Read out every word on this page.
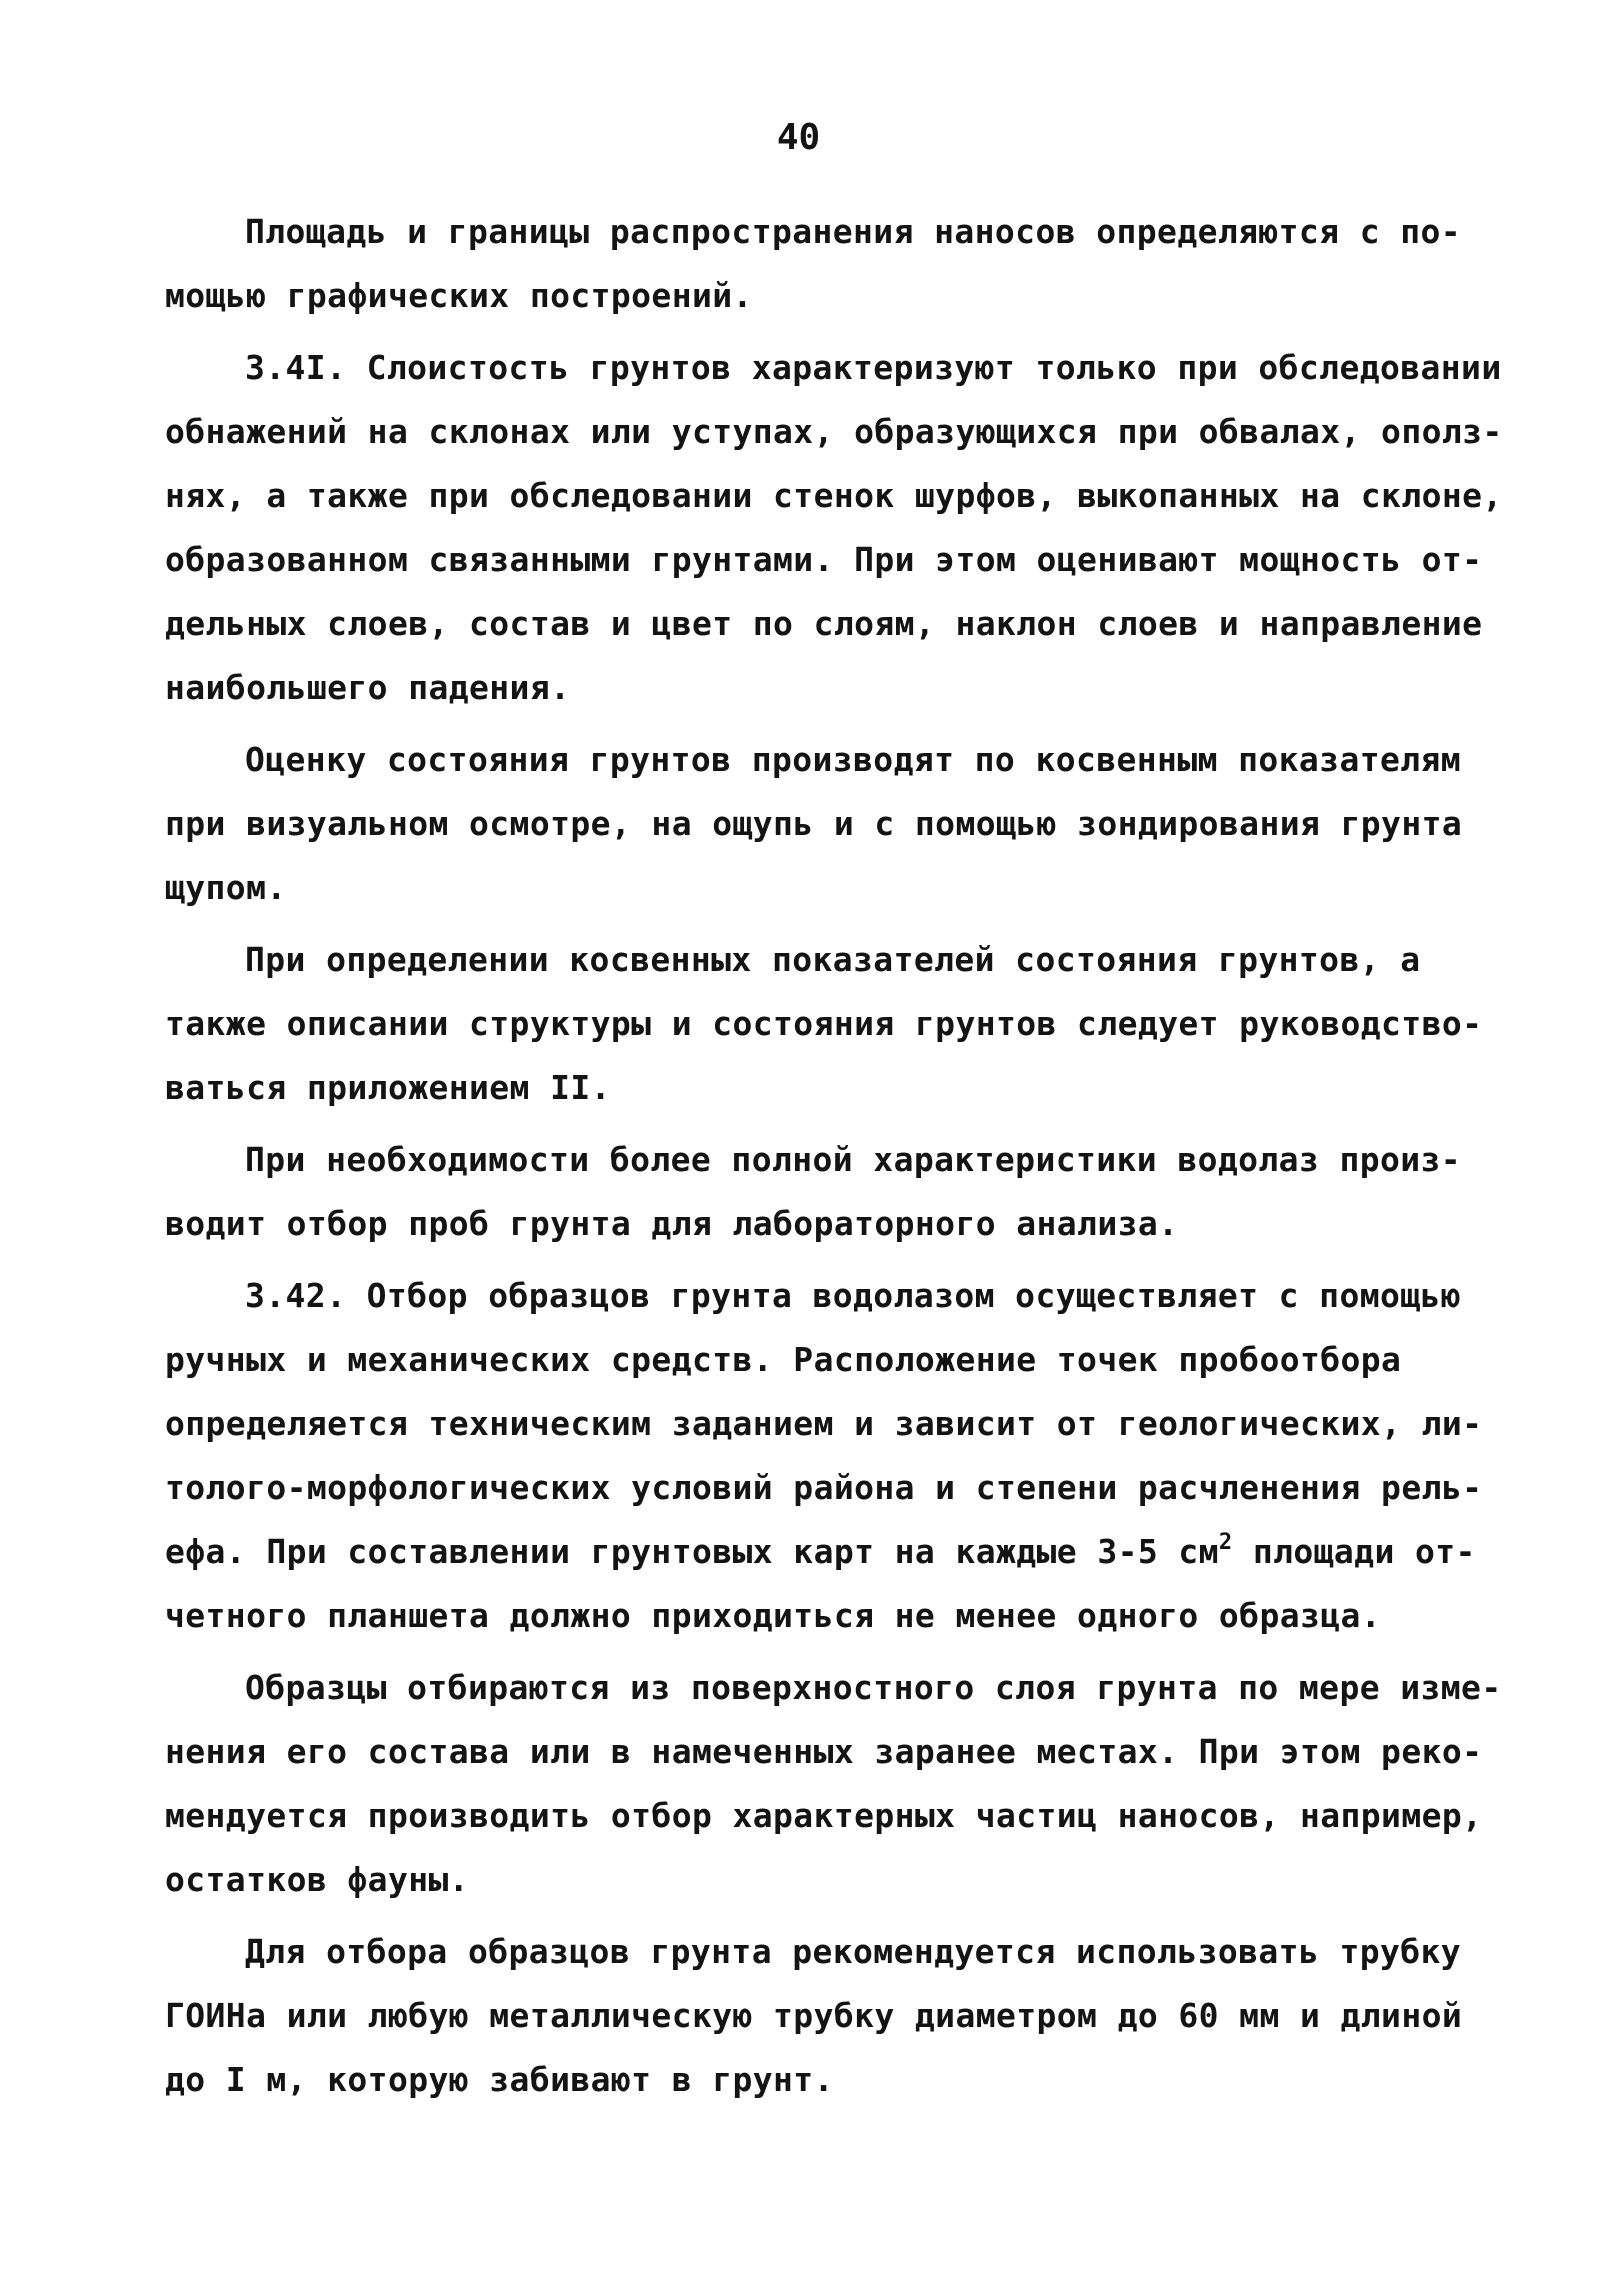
40
Площадь и границы распространения наносов определяются с по-
мощью графических построений.
3.4I. Слоистость грунтов характеризуют только при обследовании
обнажений на склонах или уступах, образующихся при обвалах, ополз-
нях, а также при обследовании стенок шурфов, выкопанных на склоне,
образованном связанными грунтами. При этом оценивают мощность от-
дельных слоев, состав и цвет по слоям, наклон слоев и направление
наибольшего падения.
Оценку состояния грунтов производят по косвенным показателям
при визуальном осмотре, на ощупь и с помощью зондирования грунта
щупом.
При определении косвенных показателей состояния грунтов, а
также описании структуры и состояния грунтов следует руководство-
ваться приложением II.
При необходимости более полной характеристики водолаз произ-
водит отбор проб грунта для лабораторного анализа.
3.42. Отбор образцов грунта водолазом осуществляет с помощью
ручных и механических средств. Расположение точек пробоотбора
определяется техническим заданием и зависит от геологических, ли-
толого-морфологических условий района и степени расчленения рель-
ефа. При составлении грунтовых карт на каждые 3-5 $см^2$ площади от-
четного планшета должно приходиться не менее одного образца.
Образцы отбираются из поверхностного слоя грунта по мере изме-
нения его состава или в намеченных заранее местах. При этом реко-
мендуется производить отбор характерных частиц наносов, например,
остатков фауны.
Для отбора образцов грунта рекомендуется использовать трубку
ГОИНа или любую металлическую трубку диаметром до 60 мм и длиной
до I м, которую забивают в грунт.
